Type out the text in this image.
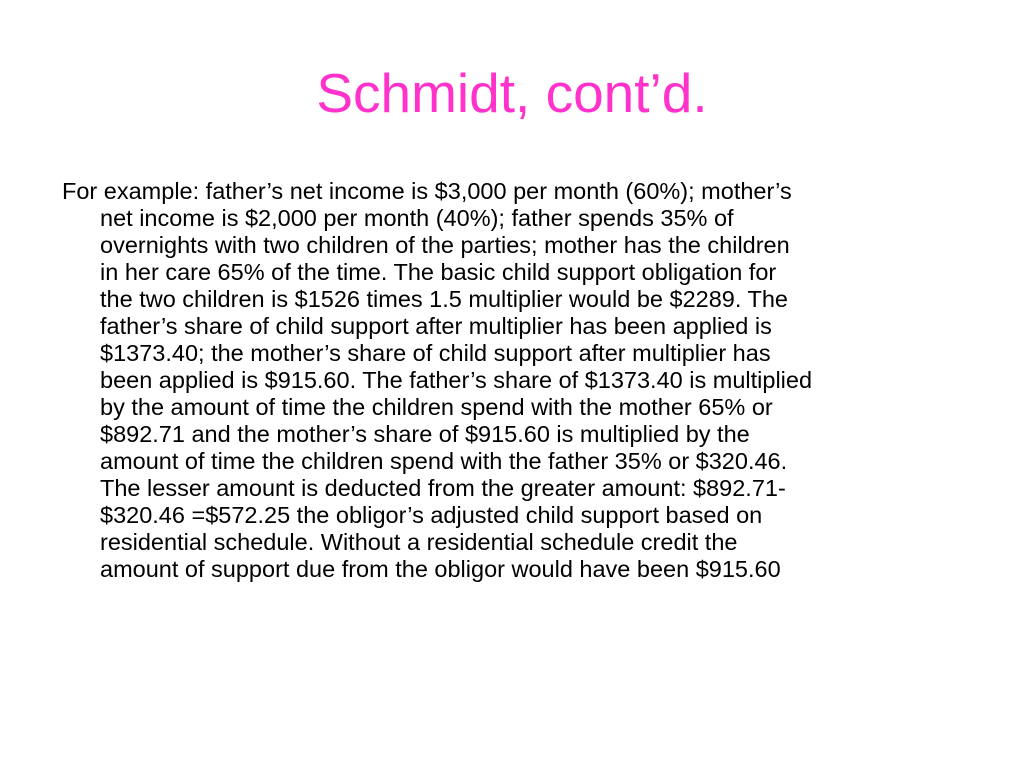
Schmidt, cont’d.

For example: father’s net income is $3,000 per month (60%); mother’s
net income is $2,000 per month (40%); father spends 35% of
overnights with two children of the parties; mother has the children
in her care 65% of the time. The basic child support obligation for
the two children is $1526 times 1.5 multiplier would be $2289. The
father’s share of child support after multiplier has been applied is
$1373.40; the mother’s share of child support after multiplier has
been applied is $915.60. The father’s share of $1373.40 is multiplied
by the amount of time the children spend with the mother 65% or
$892.71 and the mother’s share of $915.60 is multiplied by the
amount of time the children spend with the father 35% or $320.46.
The lesser amount is deducted from the greater amount: $892.71-
$320.46 =$572.25 the obligor’s adjusted child support based on
residential schedule. Without a residential schedule credit the
amount of support due from the obligor would have been $915.60
